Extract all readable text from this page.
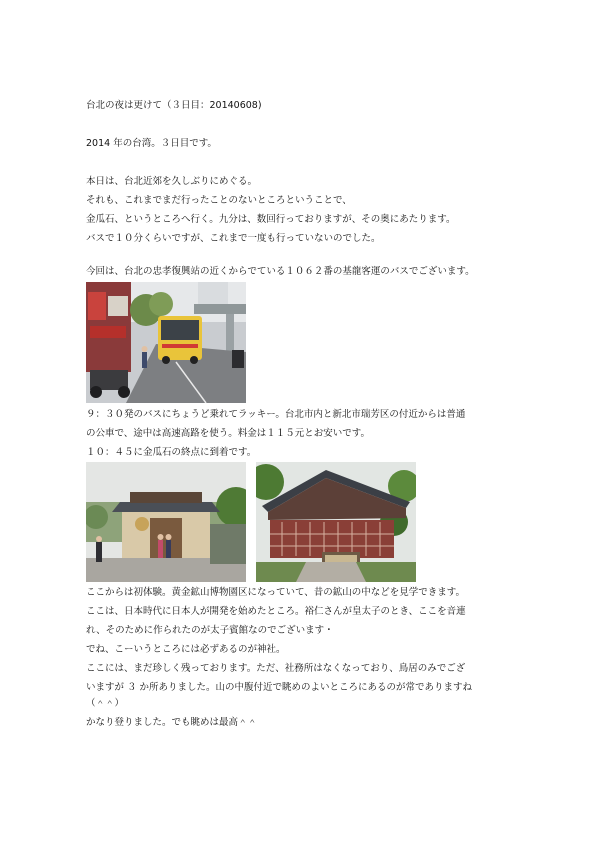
台北の夜は更けて（３日目：20140608)
2014 年の台湾。３日目です。
本日は、台北近郊を久しぶりにめぐる。
それも、これまでまだ行ったことのないところということで、
金瓜石、というところへ行く。九分は、数回行っておりますが、その奥にあたります。
バスで１０分くらいですが、これまで一度も行っていないのでした。
今回は、台北の忠孝復興站の近くからでている１０６２番の基龍客運のバスでございます。
９：３０発のバスにちょうど乗れてラッキー。台北市内と新北市瑞芳区の付近からは普通
の公車で、途中は高速高路を使う。料金は１１５元とお安いです。
１０：４５に金瓜石の終点に到着です。
ここからは初体験。黄金鉱山博物園区になっていて、昔の鉱山の中などを見学できます。
ここは、日本時代に日本人が開発を始めたところ。裕仁さんが皇太子のとき、ここを音連
れ、そのために作られたのが太子賓館なのでございます・
でね、こーいうところには必ずあるのが神社。
ここには、まだ珍しく残っております。ただ、社務所はなくなっており、鳥居のみでござ
いますが ３ か所ありました。山の中腹付近で眺めのよいところにあるのが常でありますね
（＾＾）
かなり登りました。でも眺めは最高＾＾
